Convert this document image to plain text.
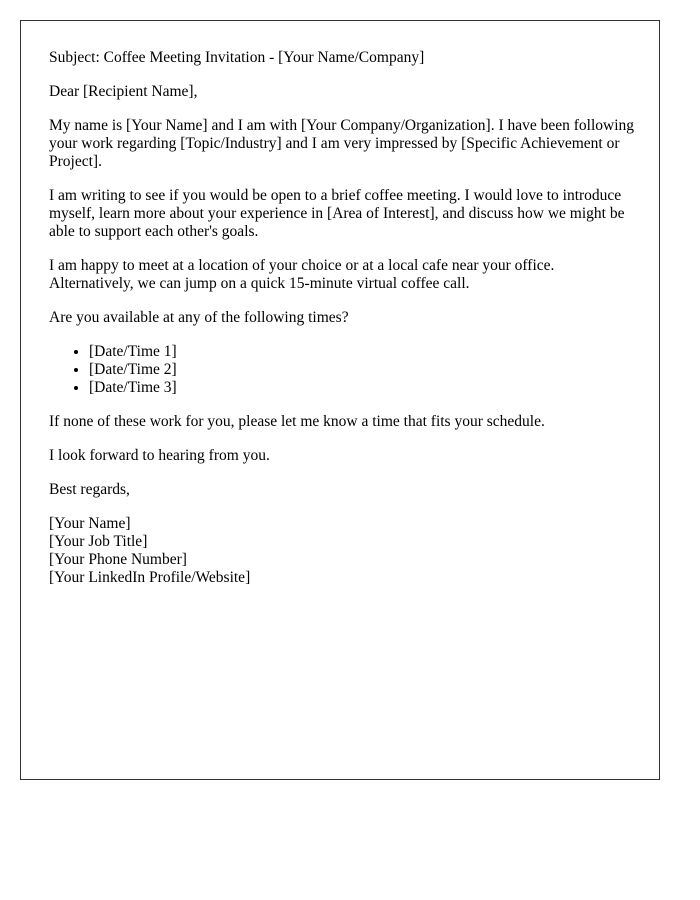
Subject: Coffee Meeting Invitation - [Your Name/Company]

Dear [Recipient Name],

My name is [Your Name] and I am with [Your Company/Organization]. I have been following your work regarding [Topic/Industry] and I am very impressed by [Specific Achievement or Project].

I am writing to see if you would be open to a brief coffee meeting. I would love to introduce myself, learn more about your experience in [Area of Interest], and discuss how we might be able to support each other's goals.

I am happy to meet at a location of your choice or at a local cafe near your office. Alternatively, we can jump on a quick 15-minute virtual coffee call.

Are you available at any of the following times?

• [Date/Time 1]
• [Date/Time 2]
• [Date/Time 3]

If none of these work for you, please let me know a time that fits your schedule.

I look forward to hearing from you.

Best regards,

[Your Name]
[Your Job Title]
[Your Phone Number]
[Your LinkedIn Profile/Website]
